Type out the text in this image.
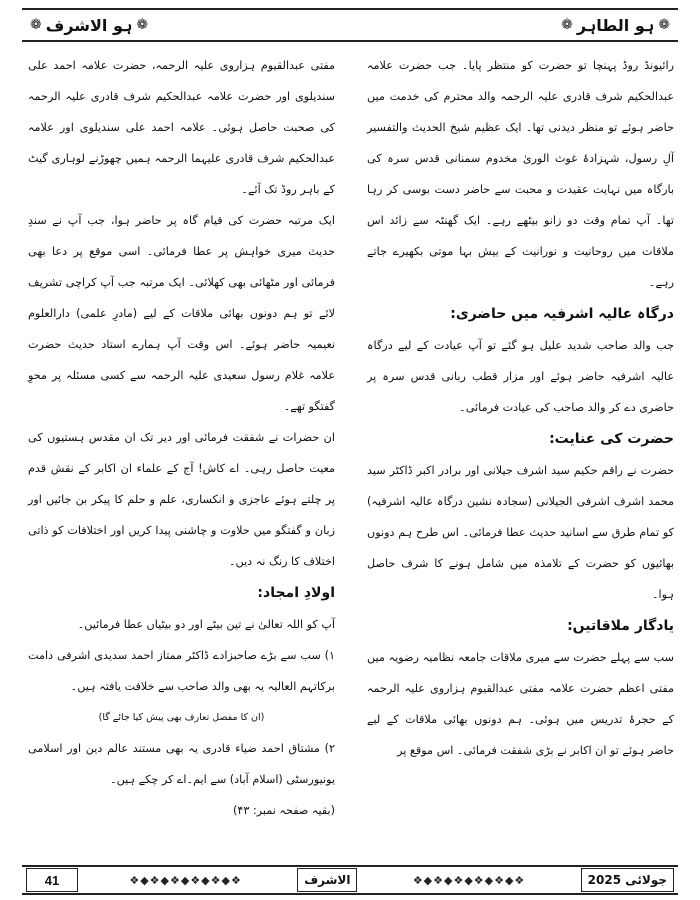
❁
ہو الاشرف
❁	❁
ہو الطاہر
❁

رائیونڈ روڈ پہنچا تو حضرت کو منتظر پایا۔ جب حضرت علامہ عبدالحکیم شرف قادری علیہ الرحمہ والد محترم کی خدمت میں حاضر ہوئے تو منظر دیدنی تھا۔ ایک عظیم شیخ الحدیث والتفسیر آلِ رسول، شہزادۂ غوث الوریٰ مخدوم سمنانی قدس سرہ کی بارگاہ میں نہایت عقیدت و محبت سے حاضر دست بوسی کر رہا تھا۔ آپ تمام وقت دو زانو بیٹھے رہے۔ ایک گھنٹہ سے زائد اس ملاقات میں روحانیت و نورانیت کے بیش بہا موتی بکھیرے جاتے رہے۔

درگاہ عالیہ اشرفیہ میں حاضری:

جب والد صاحب شدید علیل ہو گئے تو آپ عیادت کے لیے درگاہ عالیہ اشرفیہ حاضر ہوئے اور مزار قطب ربانی قدس سرہ پر حاضری دے کر والد صاحب کی عیادت فرمائی۔

حضرت کی عنایت:

حضرت نے راقم حکیم سید اشرف جیلانی اور برادر اکبر ڈاکٹر سید محمد اشرف اشرفی الجیلانی (سجادہ نشین درگاہ عالیہ اشرفیہ) کو تمام طرق سے اسانید حدیث عطا فرمائی۔ اس طرح ہم دونوں بھائیوں کو حضرت کے تلامذہ میں شامل ہونے کا شرف حاصل ہوا۔

یادگار ملاقاتیں:

سب سے پہلے حضرت سے میری ملاقات جامعہ نظامیہ رضویہ میں مفتی اعظم حضرت علامہ مفتی عبدالقیوم ہزاروی علیہ الرحمہ کے حجرۂ تدریس میں ہوئی۔ ہم دونوں بھائی ملاقات کے لیے حاضر ہوئے تو ان اکابر نے بڑی شفقت فرمائی۔ اس موقع پر

مفتی عبدالقیوم ہزاروی علیہ الرحمہ، حضرت علامہ احمد علی سندیلوی اور حضرت علامہ عبدالحکیم شرف قادری علیہ الرحمہ کی صحبت حاصل ہوئی۔ علامہ احمد علی سندیلوی اور علامہ عبدالحکیم شرف قادری علیہما الرحمہ ہمیں چھوڑنے لوہاری گیٹ کے باہر روڈ تک آئے۔

ایک مرتبہ حضرت کی قیام گاہ پر حاضر ہوا، جب آپ نے سندِ حدیث میری خواہش پر عطا فرمائی۔ اسی موقع پر دعا بھی فرمائی اور مٹھائی بھی کھلائی۔ ایک مرتبہ جب آپ کراچی تشریف لائے تو ہم دونوں بھائی ملاقات کے لیے (مادرِ علمی) دارالعلوم نعیمیہ حاضر ہوئے۔ اس وقت آپ ہمارے استاد حدیث حضرت علامہ غلام رسول سعیدی علیہ الرحمہ سے کسی مسئلہ پر محوِ گفتگو تھے۔

ان حضرات نے شفقت فرمائی اور دیر تک ان مقدس ہستیوں کی معیت حاصل رہی۔ اے کاش! آج کے علماء ان اکابر کے نقش قدم پر چلتے ہوئے عاجزی و انکساری، علم و حلم کا پیکر بن جائیں اور زبان و گفتگو میں حلاوت و چاشنی پیدا کریں اور اختلافات کو ذاتی اختلاف کا رنگ نہ دیں۔

اولادِ امجاد:

آپ کو اللہ تعالیٰ نے تین بیٹے اور دو بیٹیاں عطا فرمائیں۔

۱) سب سے بڑے صاحبزادے ڈاکٹر ممتاز احمد سدیدی اشرفی دامت برکاتہم العالیہ یہ بھی والد صاحب سے خلافت یافتہ ہیں۔

(ان کا مفصل تعارف بھی پیش کیا جائے گا)

۲) مشتاق احمد ضیاء قادری یہ بھی مستند عالم دین اور اسلامی یونیورسٹی (اسلام آباد) سے ایم۔اے کر چکے ہیں۔

(بقیہ صفحہ نمبر: ۴۳)

41	❖◆❖◆❖◆❖◆❖◆❖	الاشرف	❖◆❖◆❖◆❖◆❖◆❖	جولائی

2025
